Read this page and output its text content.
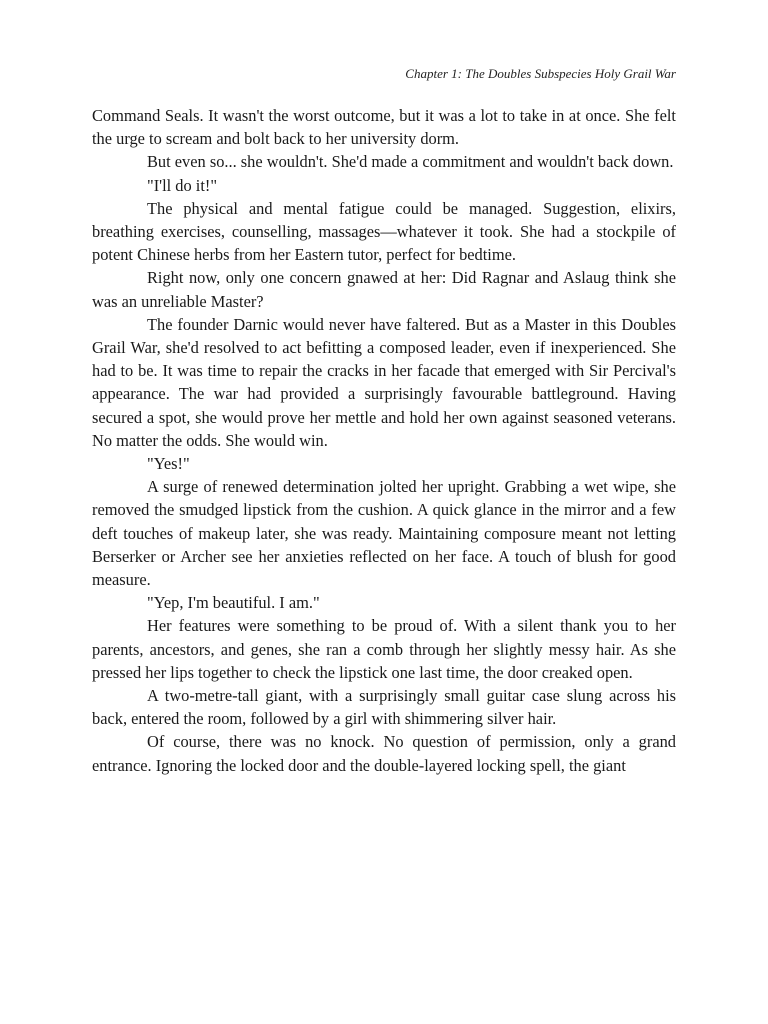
Chapter 1: The Doubles Subspecies Holy Grail War

Command Seals. It wasn't the worst outcome, but it was a lot to take in at once. She felt the urge to scream and bolt back to her university dorm.

But even so... she wouldn't. She'd made a commitment and wouldn't back down.

"I'll do it!"

The physical and mental fatigue could be managed. Suggestion, elixirs, breathing exercises, counselling, massages—whatever it took. She had a stockpile of potent Chinese herbs from her Eastern tutor, perfect for bedtime.

Right now, only one concern gnawed at her: Did Ragnar and Aslaug think she was an unreliable Master?

The founder Darnic would never have faltered. But as a Master in this Doubles Grail War, she'd resolved to act befitting a composed leader, even if inexperienced. She had to be. It was time to repair the cracks in her facade that emerged with Sir Percival's appearance. The war had provided a surprisingly favourable battleground. Having secured a spot, she would prove her mettle and hold her own against seasoned veterans. No matter the odds. She would win.

"Yes!"

A surge of renewed determination jolted her upright. Grabbing a wet wipe, she removed the smudged lipstick from the cushion. A quick glance in the mirror and a few deft touches of makeup later, she was ready. Maintaining composure meant not letting Berserker or Archer see her anxieties reflected on her face. A touch of blush for good measure.

"Yep, I'm beautiful. I am."

Her features were something to be proud of. With a silent thank you to her parents, ancestors, and genes, she ran a comb through her slightly messy hair. As she pressed her lips together to check the lipstick one last time, the door creaked open.

A two-metre-tall giant, with a surprisingly small guitar case slung across his back, entered the room, followed by a girl with shimmering silver hair.

Of course, there was no knock. No question of permission, only a grand entrance. Ignoring the locked door and the double-layered locking spell, the giant
